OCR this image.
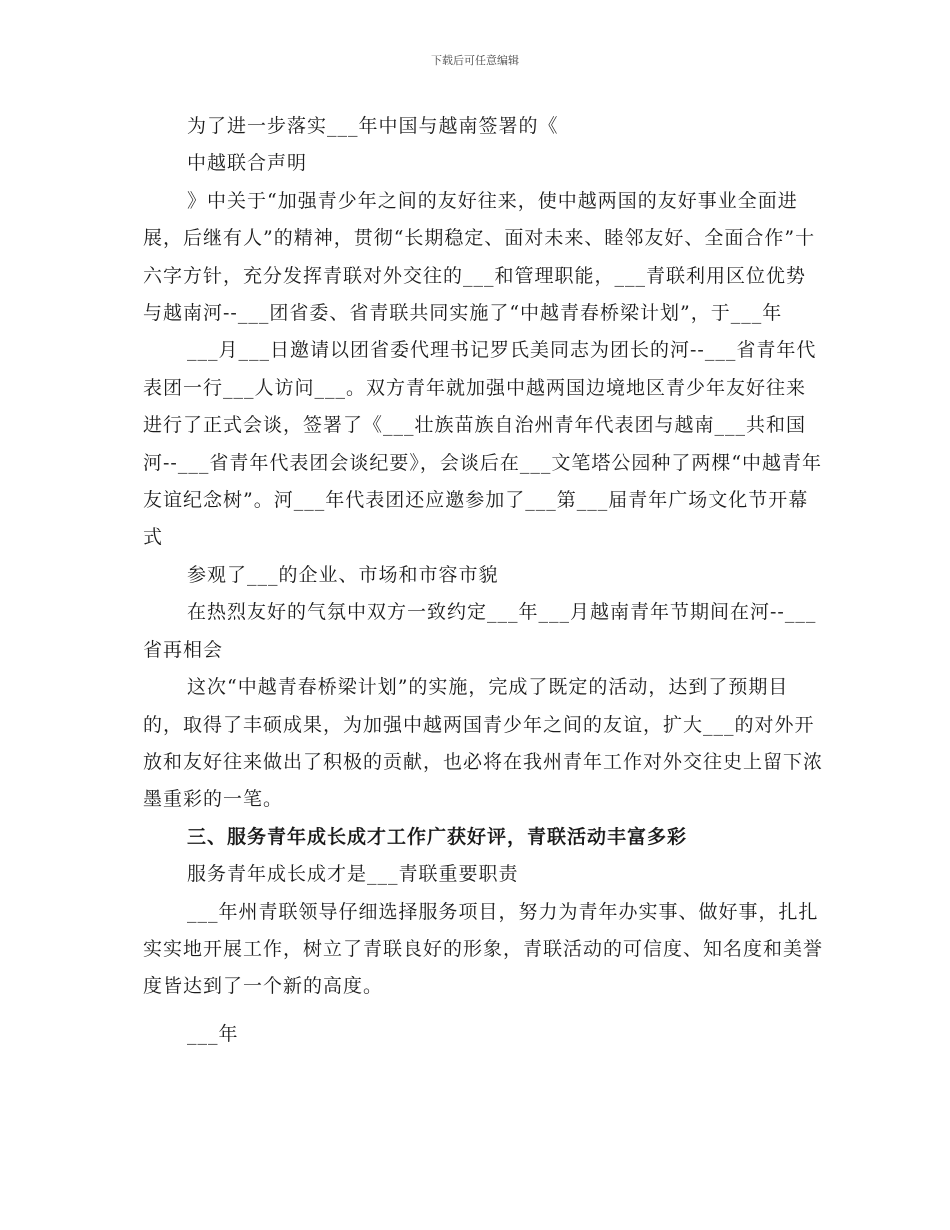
下载后可任意编辑

为了进一步落实___年中国与越南签署的《

中越联合声明

》中关于“加强青少年之间的友好往来，使中越两国的友好事业全面进展，后继有人”的精神，贯彻“长期稳定、面对未来、睦邻友好、全面合作”十六字方针，充分发挥青联对外交往的___和管理职能，___青联利用区位优势与越南河--___团省委、省青联共同实施了“中越青春桥梁计划”，于___年

___月___日邀请以团省委代理书记罗氏美同志为团长的河--___省青年代表团一行___人访问___。双方青年就加强中越两国边境地区青少年友好往来进行了正式会谈，签署了《___壮族苗族自治州青年代表团与越南___共和国河--___省青年代表团会谈纪要》，会谈后在___文笔塔公园种了两棵“中越青年友谊纪念树”。河___年代表团还应邀参加了___第___届青年广场文化节开幕式

参观了___的企业、市场和市容市貌

在热烈友好的气氛中双方一致约定___年___月越南青年节期间在河--___省再相会

这次“中越青春桥梁计划”的实施，完成了既定的活动，达到了预期目的，取得了丰硕成果，为加强中越两国青少年之间的友谊，扩大___的对外开放和友好往来做出了积极的贡献，也必将在我州青年工作对外交往史上留下浓墨重彩的一笔。

三、服务青年成长成才工作广获好评，青联活动丰富多彩

服务青年成长成才是___青联重要职责

___年州青联领导仔细选择服务项目，努力为青年办实事、做好事，扎扎实实地开展工作，树立了青联良好的形象，青联活动的可信度、知名度和美誉度皆达到了一个新的高度。

___年
